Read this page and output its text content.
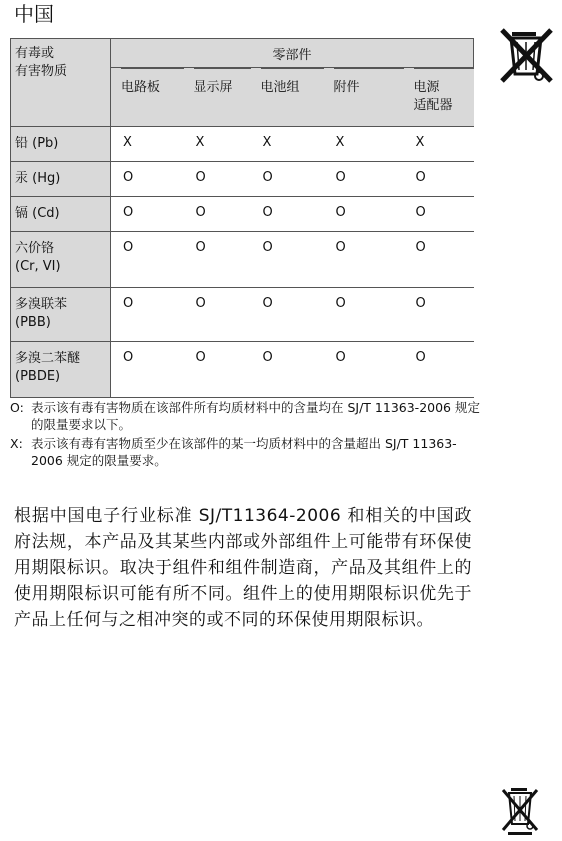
中国
有毒或
有害物质	零部件				

	电路板	显示屏	电池组	附件	电源
适配器

铅 (Pb)	X	X	X	X	X

汞 (Hg)	O	O	O	O	O

镉 (Cd)	O	O	O	O	O

六价铬
(Cr, VI)	O	O	O	O	O

多溴联苯
(PBB)	O	O	O	O	O

多溴二苯醚
(PBDE)	O	O	O	O	O
O: 表示该有毒有害物质在该部件所有均质材料中的含量均在 SJ/T 11363-2006 规定的限量要求以下。
X: 表示该有毒有害物质至少在该部件的某一均质材料中的含量超出 SJ/T 11363-2006 规定的限量要求。
根据中国电子行业标准 SJ/T11364-2006 和相关的中国政府法规，本产品及其某些内部或外部组件上可能带有环保使用期限标识。取决于组件和组件制造商，产品及其组件上的使用期限标识可能有所不同。组件上的使用期限标识优先于产品上任何与之相冲突的或不同的环保使用期限标识。
